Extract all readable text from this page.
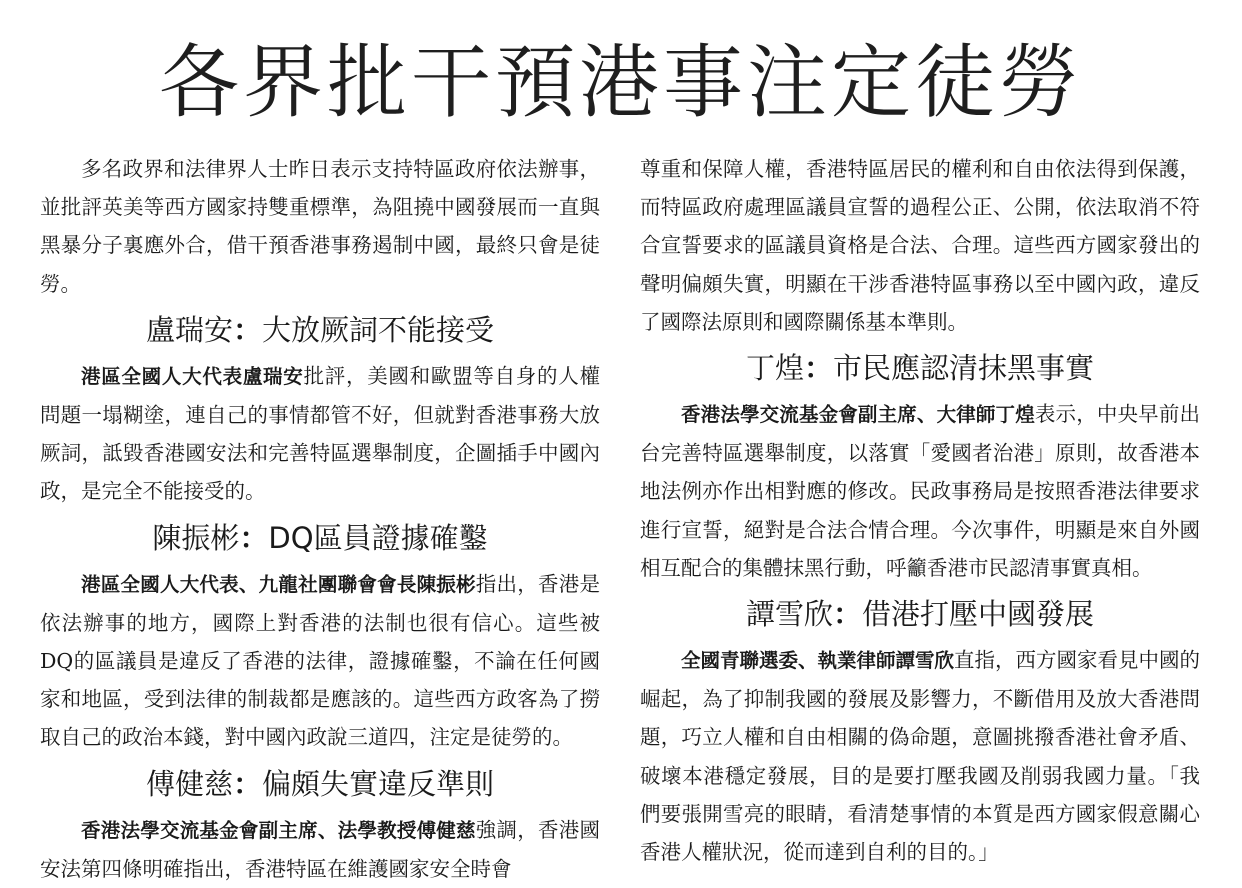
各界批干預港事注定徒勞

多名政界和法律界人士昨日表示支持特區政府依法辦事，並批評英美等西方國家持雙重標準，為阻撓中國發展而一直與黑暴分子裏應外合，借干預香港事務遏制中國，最終只會是徒勞。

盧瑞安：大放厥詞不能接受

港區全國人大代表盧瑞安批評，美國和歐盟等自身的人權問題一塌糊塗，連自己的事情都管不好，但就對香港事務大放厥詞，詆毀香港國安法和完善特區選舉制度，企圖插手中國內政，是完全不能接受的。

陳振彬：DQ區員證據確鑿

港區全國人大代表、九龍社團聯會會長陳振彬指出，香港是依法辦事的地方，國際上對香港的法制也很有信心。這些被DQ的區議員是違反了香港的法律，證據確鑿，不論在任何國家和地區，受到法律的制裁都是應該的。這些西方政客為了撈取自己的政治本錢，對中國內政說三道四，注定是徒勞的。

傅健慈：偏頗失實違反準則

香港法學交流基金會副主席、法學教授傅健慈強調，香港國安法第四條明確指出，香港特區在維護國家安全時會

尊重和保障人權，香港特區居民的權利和自由依法得到保護，而特區政府處理區議員宣誓的過程公正、公開，依法取消不符合宣誓要求的區議員資格是合法、合理。這些西方國家發出的聲明偏頗失實，明顯在干涉香港特區事務以至中國內政，違反了國際法原則和國際關係基本準則。

丁煌：市民應認清抹黑事實

香港法學交流基金會副主席、大律師丁煌表示，中央早前出台完善特區選舉制度，以落實「愛國者治港」原則，故香港本地法例亦作出相對應的修改。民政事務局是按照香港法律要求進行宣誓，絕對是合法合情合理。今次事件，明顯是來自外國相互配合的集體抹黑行動，呼籲香港市民認清事實真相。

譚雪欣：借港打壓中國發展

全國青聯選委、執業律師譚雪欣直指，西方國家看見中國的崛起，為了抑制我國的發展及影響力，不斷借用及放大香港問題，巧立人權和自由相關的偽命題，意圖挑撥香港社會矛盾、破壞本港穩定發展，目的是要打壓我國及削弱我國力量。「我們要張開雪亮的眼睛，看清楚事情的本質是西方國家假意關心香港人權狀況，從而達到自利的目的。」
